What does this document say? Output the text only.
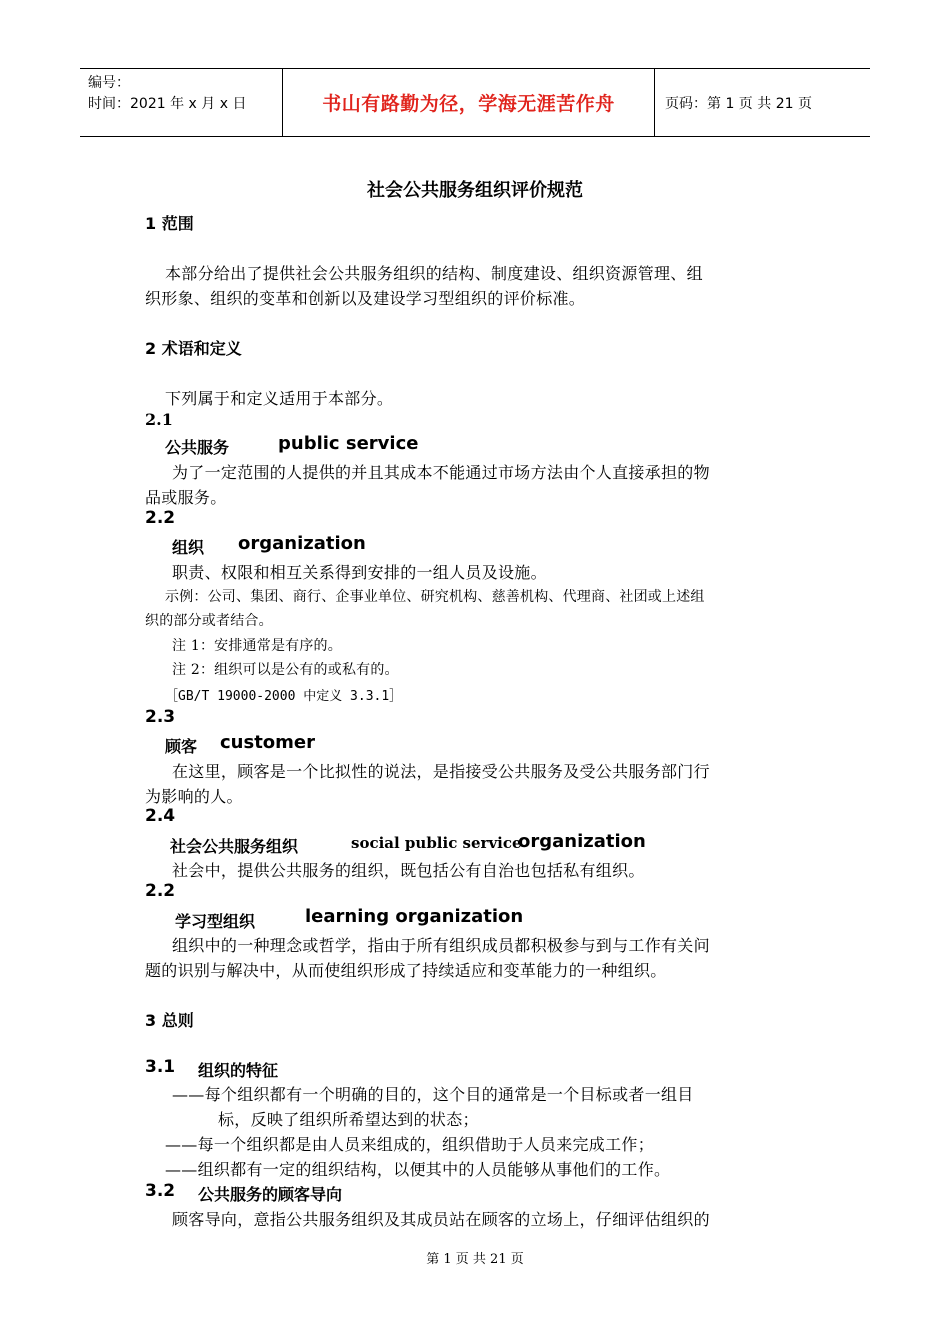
编号：
时间：2021 年 x 月 x 日	书山有路勤为径，学海无涯苦作舟	页码：第 1 页 共 21 页
社会公共服务组织评价规范
1 范围
本部分给出了提供社会公共服务组织的结构、制度建设、组织资源管理、组
织形象、组织的变革和创新以及建设学习型组织的评价标准。
2 术语和定义
下列属于和定义适用于本部分。
2.1
公共服务	public service
为了一定范围的人提供的并且其成本不能通过市场方法由个人直接承担的物
品或服务。
2.2
组织 organization
职责、权限和相互关系得到安排的一组人员及设施。
示例：公司、集团、商行、企事业单位、研究机构、慈善机构、代理商、社团或上述组
织的部分或者结合。
注 1：安排通常是有序的。
注 2：组织可以是公有的或私有的。
［GB/T 19000-2000 中定义 3.3.1］
2.3
顾客 customer
在这里，顾客是一个比拟性的说法，是指接受公共服务及受公共服务部门行
为影响的人。
2.4
社会公共服务组织	social public service
organization
社会中，提供公共服务的组织，既包括公有自治也包括私有组织。
2.2
学习型组织	learning organization
组织中的一种理念或哲学，指由于所有组织成员都积极参与到与工作有关问
题的识别与解决中，从而使组织形成了持续适应和变革能力的一种组织。
3 总则
3.1 组织的特征
——每个组织都有一个明确的目的，这个目的通常是一个目标或者一组目
标，反映了组织所希望达到的状态；
——每一个组织都是由人员来组成的，组织借助于人员来完成工作；
——组织都有一定的组织结构，以便其中的人员能够从事他们的工作。
3.2 公共服务的顾客导向
顾客导向，意指公共服务组织及其成员站在顾客的立场上，仔细评估组织的
第 1 页 共 21 页
